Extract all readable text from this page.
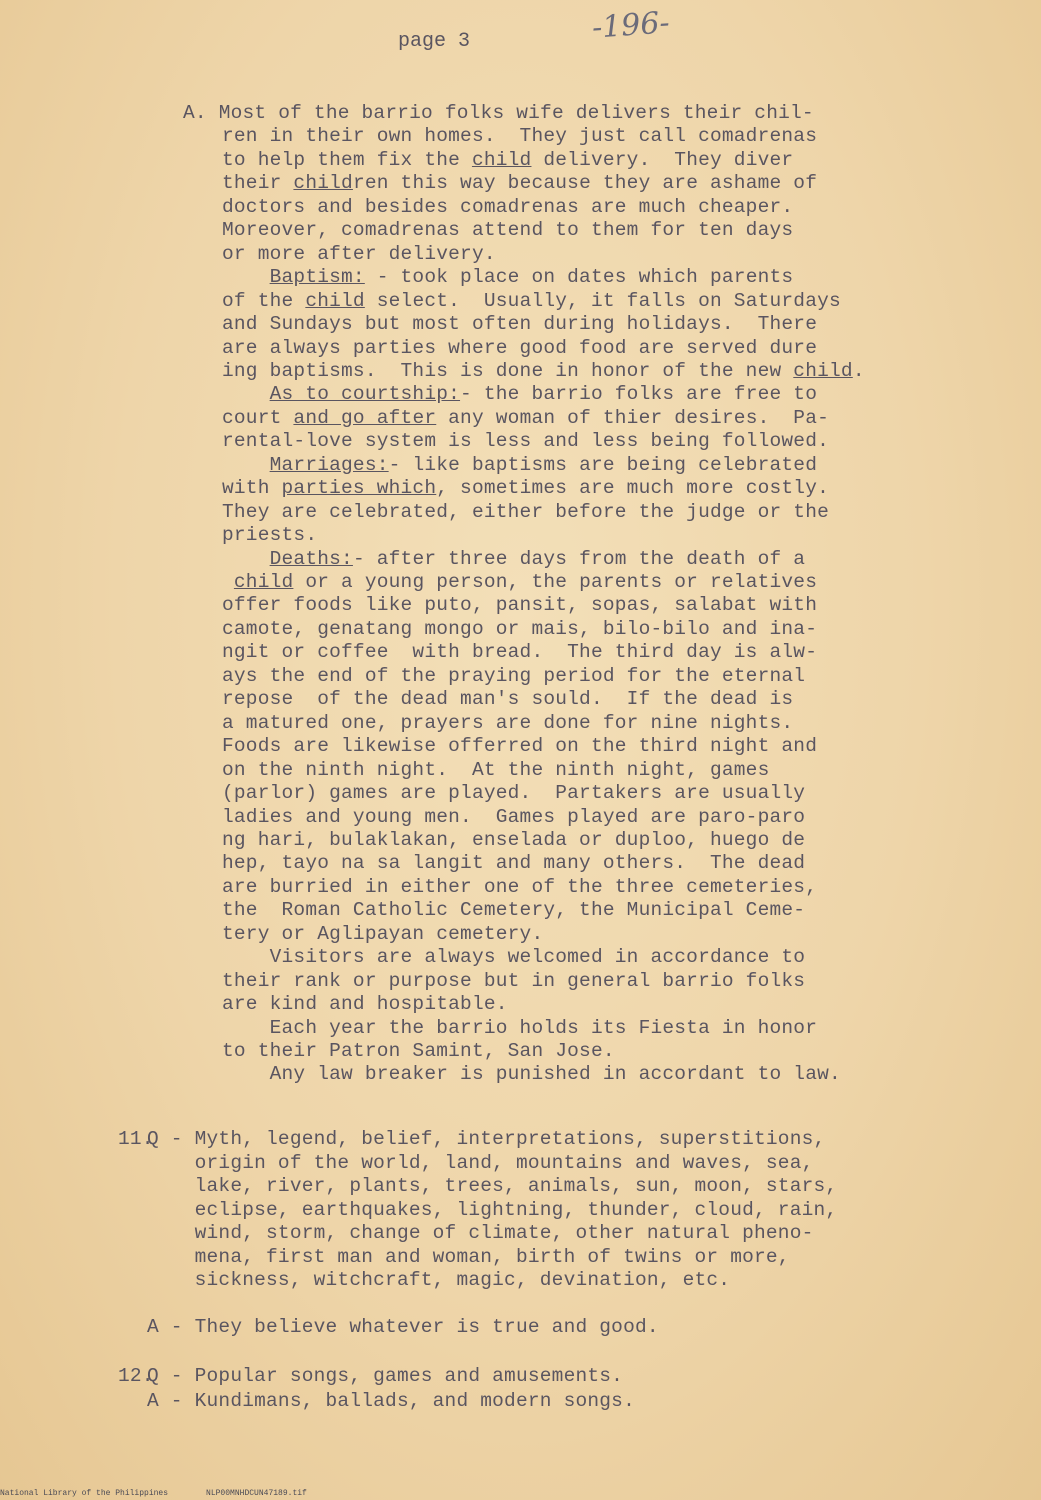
page 3	-196-
A. Most of the barrio folks wife delivers their chil-
ren in their own homes.  They just call comadrenas
to help them fix the child delivery.  They diver
their children this way because they are ashame of
doctors and besides comadrenas are much cheaper.
Moreover, comadrenas attend to them for ten days
or more after delivery.
Baptism: - took place on dates which parents
of the child select.  Usually, it falls on Saturdays
and Sundays but most often during holidays.  There
are always parties where good food are served dure
ing baptisms.  This is done in honor of the new child.
As to courtship:- the barrio folks are free to
court and go after any woman of thier desires.  Pa-
rental-love system is less and less being followed.
Marriages:- like baptisms are being celebrated
with parties which, sometimes are much more costly.
They are celebrated, either before the judge or the
priests.
Deaths:- after three days from the death of a
child or a young person, the parents or relatives
offer foods like puto, pansit, sopas, salabat with
camote, genatang mongo or mais, bilo-bilo and ina-
ngit or coffee  with bread.  The third day is alw-
ays the end of the praying period for the eternal
repose  of the dead man's sould.  If the dead is
a matured one, prayers are done for nine nights.
Foods are likewise offerred on the third night and
on the ninth night.  At the ninth night, games
(parlor) games are played.  Partakers are usually
ladies and young men.  Games played are paro-paro
ng hari, bulaklakan, enselada or duploo, huego de
hep, tayo na sa langit and many others.  The dead
are burried in either one of the three cemeteries,
the  Roman Catholic Cemetery, the Municipal Ceme-
tery or Aglipayan cemetery.
Visitors are always welcomed in accordance to
their rank or purpose but in general barrio folks
are kind and hospitable.
Each year the barrio holds its Fiesta in honor
to their Patron Samint, San Jose.
Any law breaker is punished in accordant to law.
11.
Q - Myth, legend, belief, interpretations, superstitions,
origin of the world, land, mountains and waves, sea,
lake, river, plants, trees, animals, sun, moon, stars,
eclipse, earthquakes, lightning, thunder, cloud, rain,
wind, storm, change of climate, other natural pheno-
mena, first man and woman, birth of twins or more,
sickness, witchcraft, magic, devination, etc.
A - They believe whatever is true and good.
12.
Q - Popular songs, games and amusements.
A - Kundimans, ballads, and modern songs.
National Library of the Philippines	NLP00MNHDCUN47189.tif
